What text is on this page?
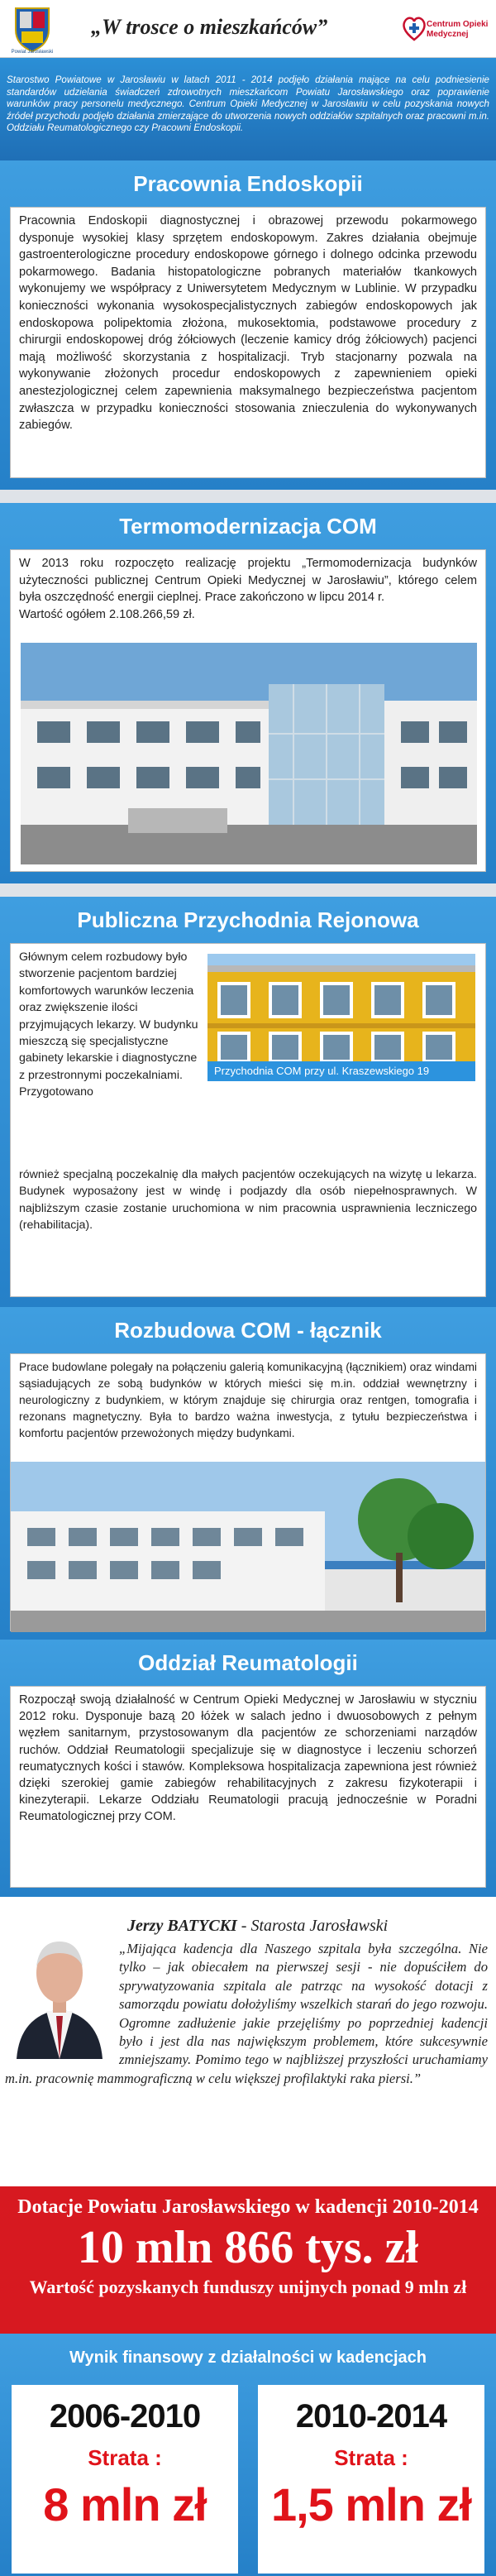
Powiat Jarosławski
„W trosce o mieszkańców”	Centrum Opieki Medycznej
Starostwo Powiatowe w Jarosławiu w latach 2011 - 2014 podjęło działania mające na celu podniesienie standardów udzielania świadczeń zdrowotnych mieszkańcom Powiatu Jarosławskiego oraz poprawienie warunków pracy personelu medycznego. Centrum Opieki Medycznej w Jarosławiu w celu pozyskania nowych źródeł przychodu podjęło działania zmierzające do utworzenia nowych oddziałów szpitalnych oraz pracowni m.in. Oddziału Reumatologicznego czy Pracowni Endoskopii.
Pracownia Endoskopii
Pracownia Endoskopii diagnostycznej i obrazowej przewodu pokarmowego dysponuje wysokiej klasy sprzętem endoskopowym. Zakres działania obejmuje gastroenterologiczne procedury endoskopowe górnego i dolnego odcinka przewodu pokarmowego. Badania histopatologiczne pobranych materiałów tkankowych wykonujemy we współpracy z Uniwersytetem Medycznym w Lublinie. W przypadku konieczności wykonania wysokospecjalistycznych zabiegów endoskopowych jak endoskopowa polipektomia złożona, mukosektomia, podstawowe procedury z chirurgii endoskopowej dróg żółciowych (leczenie kamicy dróg żółciowych) pacjenci mają możliwość skorzystania z hospitalizacji. Tryb stacjonarny pozwala na wykonywanie złożonych procedur endoskopowych z zapewnieniem opieki anestezjologicznej celem zapewnienia maksymalnego bezpieczeństwa pacjentom zwłaszcza w przypadku konieczności stosowania znieczulenia do wykonywanych zabiegów.
Termomodernizacja COM
W 2013 roku rozpoczęto realizację projektu „Termomodernizacja budynków użyteczności publicznej Centrum Opieki Medycznej w Jarosławiu”, którego celem była oszczędność energii cieplnej. Prace zakończono w lipcu 2014 r.
Wartość ogółem 2.108.266,59 zł.
Publiczna Przychodnia Rejonowa
Głównym celem rozbudowy było stworzenie pacjentom bardziej komfortowych warunków leczenia oraz zwiększenie ilości przyjmujących lekarzy. W budynku mieszczą się specjalistyczne gabinety lekarskie i diagnostyczne z przestronnymi poczekalniami. Przygotowano
Przychodnia COM przy ul. Kraszewskiego 19
również specjalną poczekalnię dla małych pacjentów oczekujących na wizytę u lekarza. Budynek wyposażony jest w windę i podjazdy dla osób niepełnosprawnych. W najbliższym czasie zostanie uruchomiona w nim pracownia usprawnienia leczniczego (rehabilitacja).
Rozbudowa COM - łącznik
Prace budowlane polegały na połączeniu galerią komunikacyjną (łącznikiem) oraz windami sąsiadujących ze sobą budynków w których mieści się m.in. oddział wewnętrzny i neurologiczny z budynkiem, w którym znajduje się chirurgia oraz rentgen, tomografia i rezonans magnetyczny. Była to bardzo ważna inwestycja, z tytułu bezpieczeństwa i komfortu pacjentów przewożonych między budynkami.
Oddział Reumatologii
Rozpoczął swoją działalność w Centrum Opieki Medycznej w Jarosławiu w styczniu 2012 roku. Dysponuje bazą 20 łóżek w salach jedno i dwuosobowych z pełnym węzłem sanitarnym, przystosowanym dla pacjentów ze schorzeniami narządów ruchów. Oddział Reumatologii specjalizuje się w diagnostyce i leczeniu schorzeń reumatycznych kości i stawów. Kompleksowa hospitalizacja zapewniona jest również dzięki szerokiej gamie zabiegów rehabilitacyjnych z zakresu fizykoterapii i kinezyterapii. Lekarze Oddziału Reumatologii pracują jednocześnie w Poradni Reumatologicznej przy COM.
Jerzy BATYCKI - Starosta Jarosławski
„Mijająca kadencja dla Naszego szpitala była szczególna. Nie tylko – jak obiecałem na pierwszej sesji - nie dopuściłem do sprywatyzowania szpitala ale patrząc na wysokość dotacji z samorządu powiatu dołożyliśmy wszelkich starań do jego rozwoju. Ogromne zadłużenie jakie przejęliśmy po poprzedniej kadencji było i jest dla nas największym problemem, które sukcesywnie zmniejszamy. Pomimo tego w najbliższej przyszłości uruchamiamy m.in. pracownię mammograficzną w celu większej profilaktyki raka piersi.”
Dotacje Powiatu Jarosławskiego w kadencji 2010-2014
10 mln 866 tys. zł
Wartość pozyskanych funduszy unijnych ponad 9 mln zł
Wynik finansowy z działalności w kadencjach
2006-2010
Strata :
8 mln zł
2010-2014
Strata :
1,5 mln zł
